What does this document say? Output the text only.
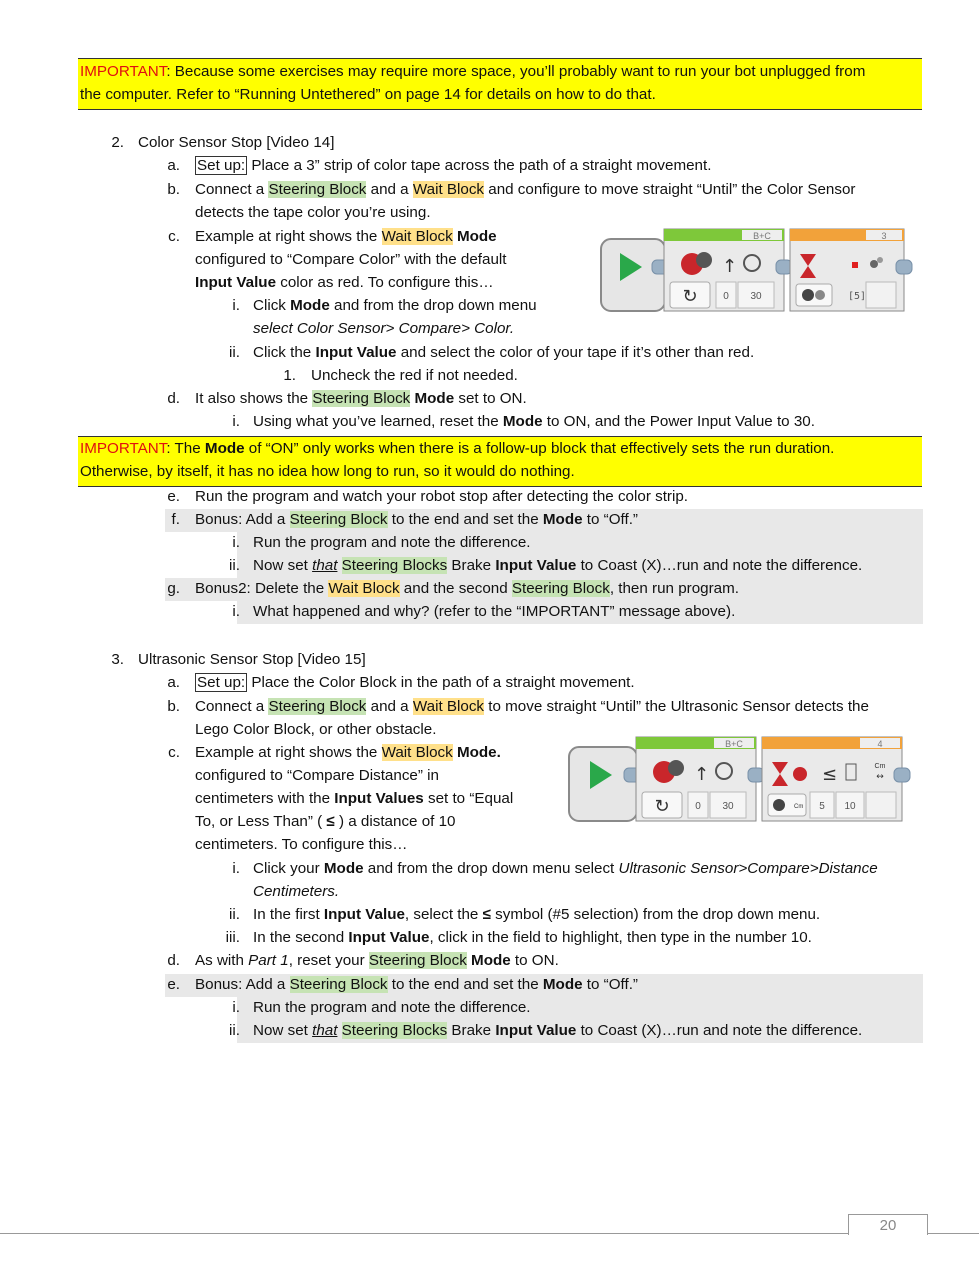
IMPORTANT: Because some exercises may require more space, you’ll probably want to run your bot unplugged from
the computer. Refer to “Running Untethered” on page 14 for details on how to do that.
2. Color Sensor Stop [Video 14]
a. Set up: Place a 3” strip of color tape across the path of a straight movement.
b. Connect a Steering Block and a Wait Block and configure to move straight “Until” the Color Sensor
detects the tape color you’re using.
c. Example at right shows the Wait Block Mode
configured to “Compare Color” with the default
Input Value color as red. To configure this…
i. Click Mode and from the drop down menu
select Color Sensor> Compare> Color.
ii. Click the Input Value and select the color of your tape if it’s other than red.
1. Uncheck the red if not needed.
d. It also shows the Steering Block Mode set to ON.
i. Using what you’ve learned, reset the Mode to ON, and the Power Input Value to 30.
B+C
↑
↻	0 30
3
[5]
IMPORTANT: The Mode of “ON” only works when there is a follow-up block that effectively sets the run duration.
Otherwise, by itself, it has no idea how long to run, so it would do nothing.
e. Run the program and watch your robot stop after detecting the color strip.
f. Bonus: Add a Steering Block to the end and set the Mode to “Off.”
i. Run the program and note the difference.
ii. Now set that Steering Blocks Brake Input Value to Coast (X)…run and note the difference.
g. Bonus2: Delete the Wait Block and the second Steering Block, then run program.
i. What happened and why? (refer to the “IMPORTANT” message above).
3. Ultrasonic Sensor Stop [Video 15]
a. Set up: Place the Color Block in the path of a straight movement.
b. Connect a Steering Block and a Wait Block to move straight “Until” the Ultrasonic Sensor detects the
Lego Color Block, or other obstacle.
c. Example at right shows the Wait Block Mode.
configured to “Compare Distance” in
centimeters with the Input Values set to “Equal
To, or Less Than” ( ≤ ) a distance of 10
centimeters. To configure this…
i. Click your Mode and from the drop down menu select Ultrasonic Sensor>Compare>Distance
Centimeters.
ii. In the first Input Value, select the ≤ symbol (#5 selection) from the drop down menu.
iii. In the second Input Value, click in the field to highlight, then type in the number 10.
d. As with Part 1, reset your Steering Block Mode to ON.
e. Bonus: Add a Steering Block to the end and set the Mode to “Off.”
i. Run the program and note the difference.
ii. Now set that Steering Blocks Brake Input Value to Coast (X)…run and note the difference.
B+C
↑
↻	0 30
4
≤	Cm
↔
Cm 5 10
20
